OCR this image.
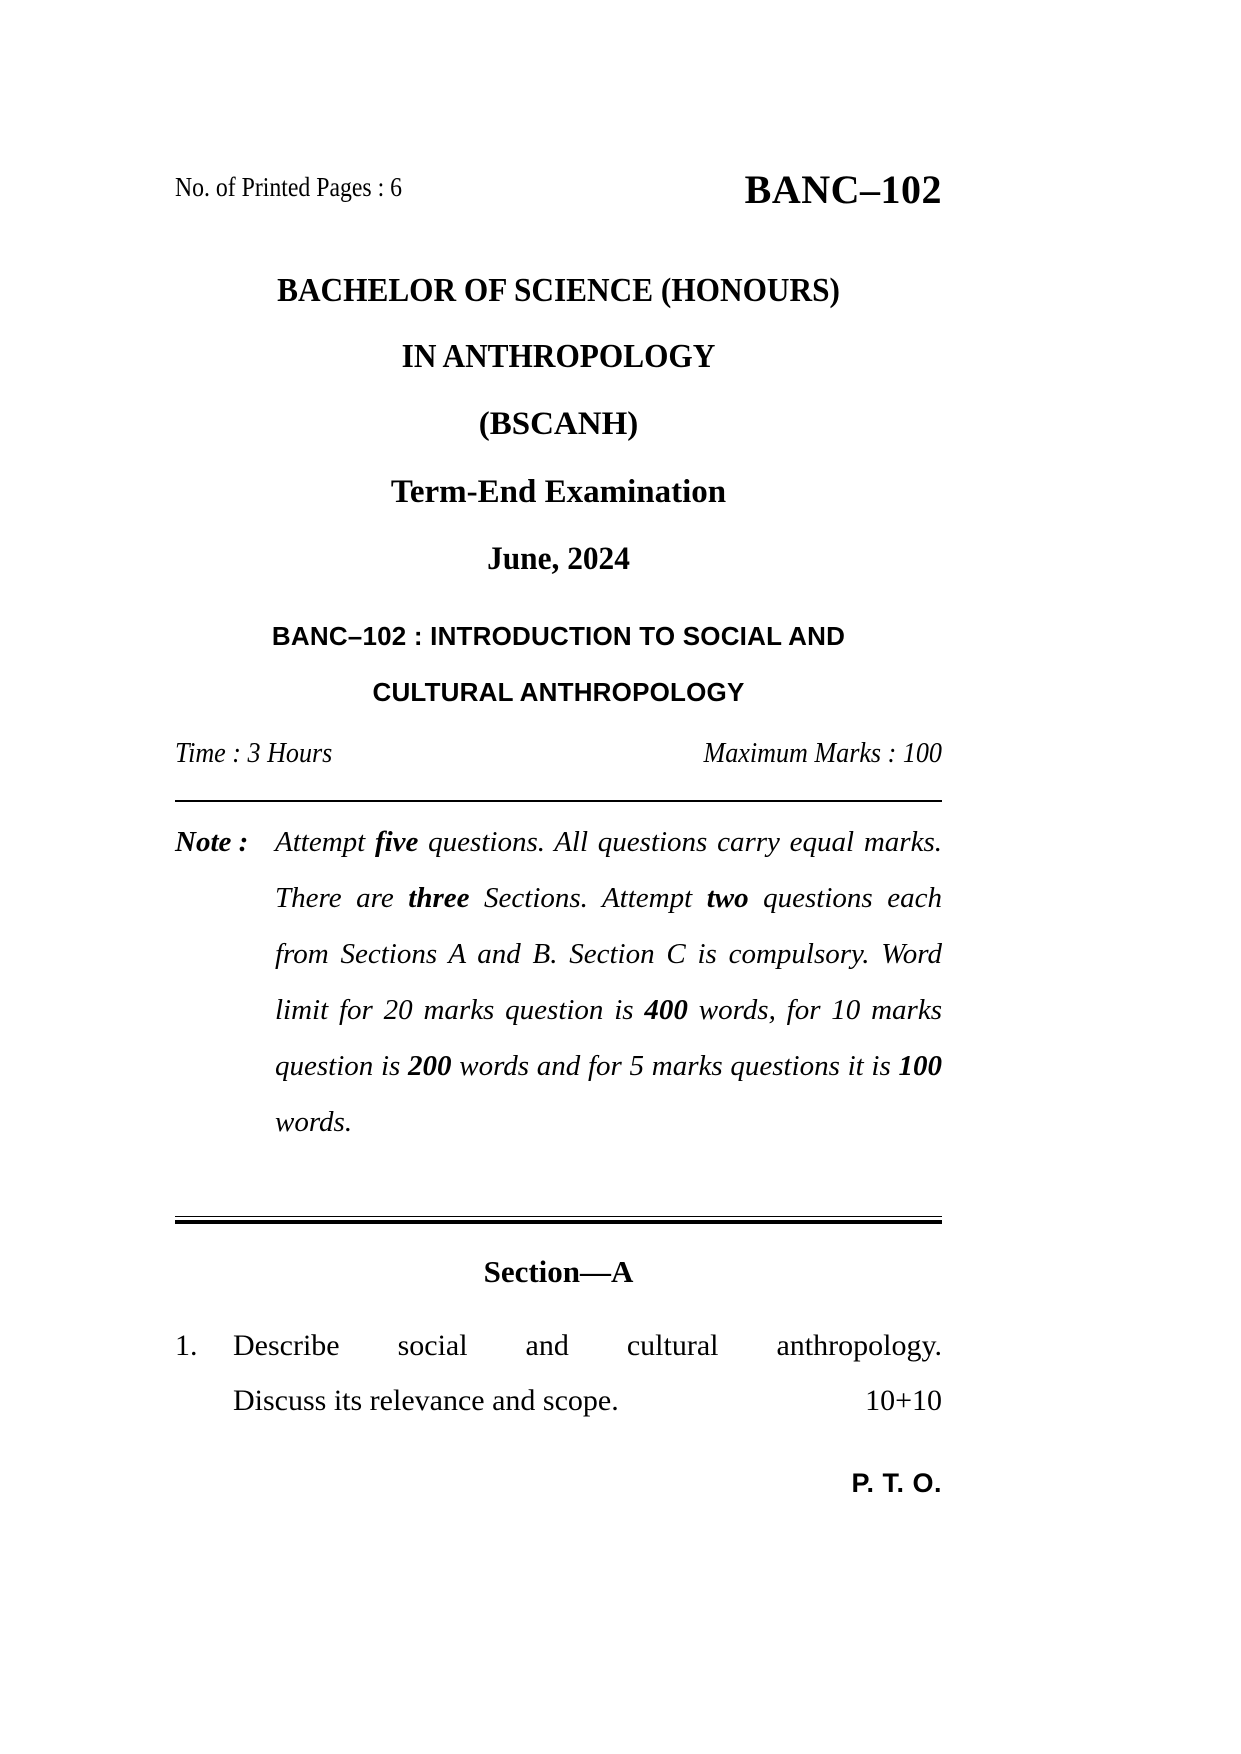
No. of Printed Pages : 6	BANC–102
BACHELOR OF SCIENCE (HONOURS)
IN ANTHROPOLOGY
(BSCANH)
Term-End Examination
June, 2024
BANC–102 : INTRODUCTION TO SOCIAL AND
CULTURAL ANTHROPOLOGY
Time : 3 Hours	Maximum Marks : 100
Note : Attempt five questions. All questions carry equal marks. There are three Sections. Attempt two questions each from Sections A and B. Section C is compulsory. Word limit for 20 marks question is 400 words, for 10 marks question is 200 words and for 5 marks questions it is 100 words.
Section—A
1.	Describe social and cultural anthropology.
Discuss its relevance and scope.	10+10
P. T. O.
